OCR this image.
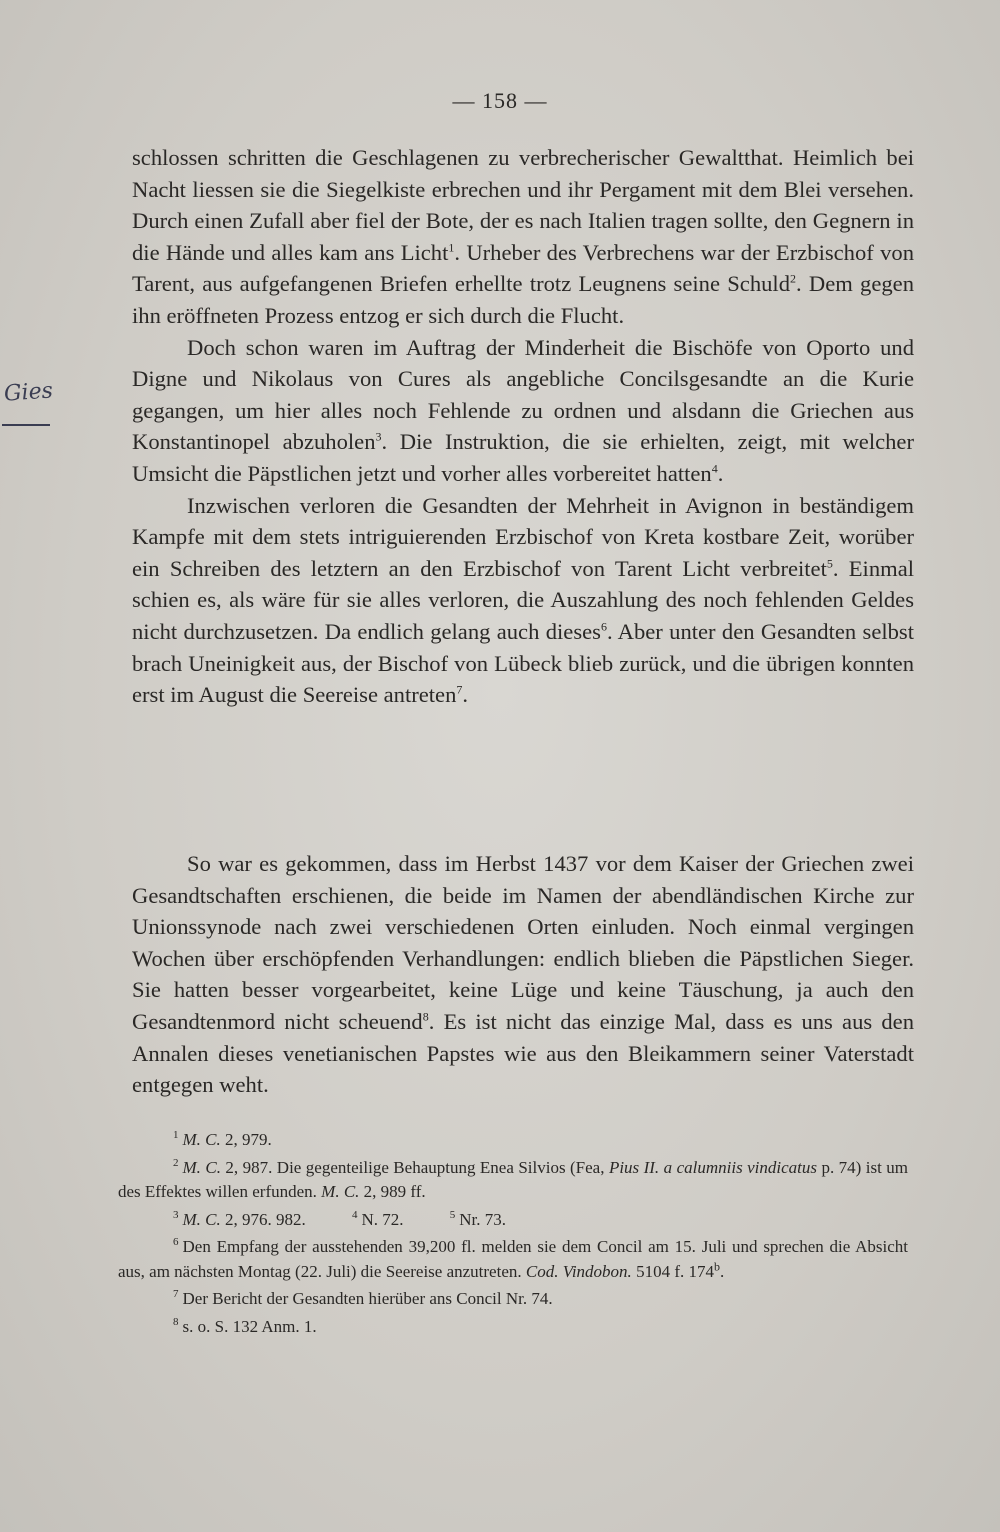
— 158 —
Gies

schlossen schritten die Geschlagenen zu verbrecherischer Gewaltthat. Heimlich bei Nacht liessen sie die Siegelkiste erbrechen und ihr Pergament mit dem Blei versehen. Durch einen Zufall aber fiel der Bote, der es nach Italien tragen sollte, den Gegnern in die Hände und alles kam ans Licht$^1$. Urheber des Verbrechens war der Erzbischof von Tarent, aus aufgefangenen Briefen erhellte trotz Leugnens seine Schuld$^2$. Dem gegen ihn eröffneten Prozess entzog er sich durch die Flucht.

Doch schon waren im Auftrag der Minderheit die Bischöfe von Oporto und Digne und Nikolaus von Cures als angebliche Concilsgesandte an die Kurie gegangen, um hier alles noch Fehlende zu ordnen und alsdann die Griechen aus Konstantinopel abzuholen$^3$. Die Instruktion, die sie erhielten, zeigt, mit welcher Umsicht die Päpstlichen jetzt und vorher alles vorbereitet hatten$^4$.

Inzwischen verloren die Gesandten der Mehrheit in Avignon in beständigem Kampfe mit dem stets intriguierenden Erzbischof von Kreta kostbare Zeit, worüber ein Schreiben des letztern an den Erzbischof von Tarent Licht verbreitet$^5$. Einmal schien es, als wäre für sie alles verloren, die Auszahlung des noch fehlenden Geldes nicht durchzusetzen. Da endlich gelang auch dieses$^6$. Aber unter den Gesandten selbst brach Uneinigkeit aus, der Bischof von Lübeck blieb zurück, und die übrigen konnten erst im August die Seereise antreten$^7$.

So war es gekommen, dass im Herbst 1437 vor dem Kaiser der Griechen zwei Gesandtschaften erschienen, die beide im Namen der abendländischen Kirche zur Unionssynode nach zwei verschiedenen Orten einluden. Noch einmal vergingen Wochen über erschöpfenden Verhandlungen: endlich blieben die Päpstlichen Sieger. Sie hatten besser vorgearbeitet, keine Lüge und keine Täuschung, ja auch den Gesandtenmord nicht scheuend$^8$. Es ist nicht das einzige Mal, dass es uns aus den Annalen dieses venetianischen Papstes wie aus den Bleikammern seiner Vaterstadt entgegen weht.

$^1$ M. C. 2, 979.

$^2$ M. C. 2, 987. Die gegenteilige Behauptung Enea Silvios (Fea, Pius II. a calumniis vindicatus p. 74) ist um des Effektes willen erfunden. M. C. 2, 989 ff.

$^3$ M. C. 2, 976. 982.	$^4$ N. 72.	$^5$ Nr. 73.

$^6$ Den Empfang der ausstehenden 39,200 fl. melden sie dem Concil am 15. Juli und sprechen die Absicht aus, am nächsten Montag (22. Juli) die Seereise anzutreten. Cod. Vindobon. 5104 f. 174$^b$.

$^7$ Der Bericht der Gesandten hierüber ans Concil Nr. 74.

$^8$ s. o. S. 132 Anm. 1.
